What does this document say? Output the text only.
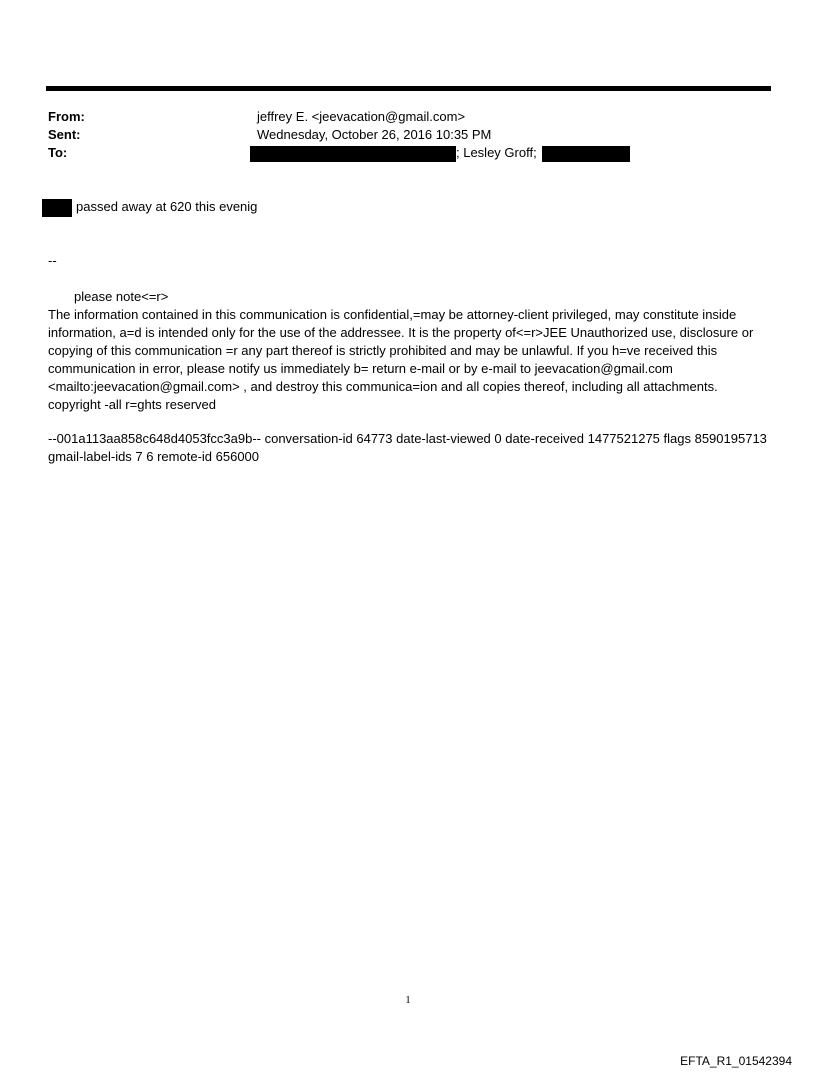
From:	jeffrey E. <jeevacation@gmail.com>
Sent:	Wednesday, October 26, 2016 10:35 PM
To:	; Lesley Groff;
passed away at 620 this evenig
--
please note<=r>
The information contained in this communication is confidential,=may be attorney-client privileged, may constitute inside information, a=d is intended only for the use of the addressee. It is the property of<=r>JEE Unauthorized use, disclosure or copying of this communication =r any part thereof is strictly prohibited and may be unlawful. If you h=ve received this communication in error, please notify us immediately b= return e-mail or by e-mail to jeevacation@gmail.com <mailto:jeevacation@gmail.com> , and destroy this communica=ion and all copies thereof, including all attachments. copyright -all r=ghts reserved
--001a113aa858c648d4053fcc3a9b-- conversation-id 64773 date-last-viewed 0 date-received 1477521275 flags 8590195713 gmail-label-ids 7 6 remote-id 656000
1
EFTA_R1_01542394
